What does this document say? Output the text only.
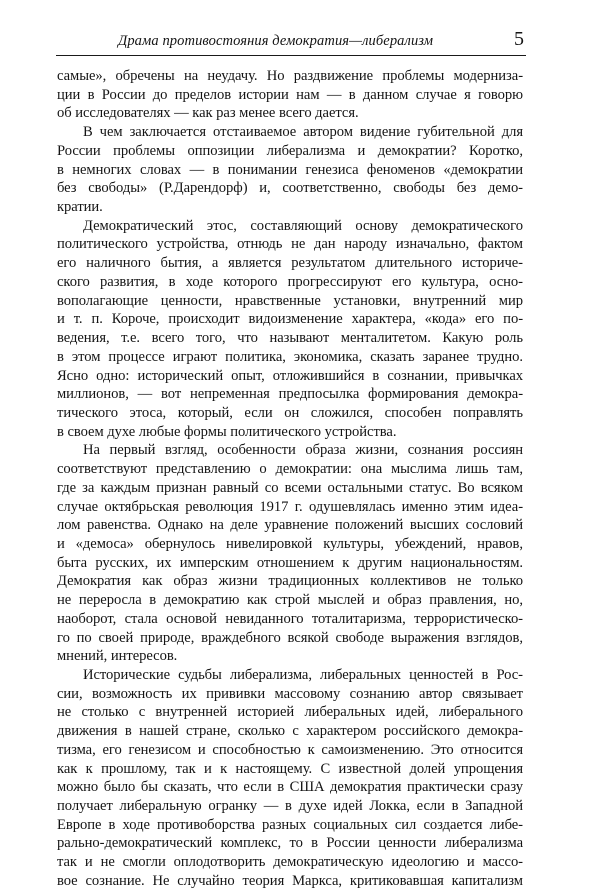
Драма противостояния демократия—либерализм	5

самые», обречены на неудачу. Но раздвижение проблемы модерниза-

ции в России до пределов истории нам — в данном случае я говорю

об исследователях — как раз менее всего дается.

В чем заключается отстаиваемое автором видение губительной для

России проблемы оппозиции либерализма и демократии? Коротко,

в немногих словах — в понимании генезиса феноменов «демократии

без свободы» (Р.Дарендорф) и, соответственно, свободы без демо-

кратии.

Демократический этос, составляющий основу демократического

политического устройства, отнюдь не дан народу изначально, фактом

его наличного бытия, а является результатом длительного историче-

ского развития, в ходе которого прогрессируют его культура, осно-

вополагающие ценности, нравственные установки, внутренний мир

и т. п. Короче, происходит видоизменение характера, «кода» его по-

ведения, т.е. всего того, что называют менталитетом. Какую роль

в этом процессе играют политика, экономика, сказать заранее трудно.

Ясно одно: исторический опыт, отложившийся в сознании, привычках

миллионов, — вот непременная предпосылка формирования демокра-

тического этоса, который, если он сложился, способен поправлять

в своем духе любые формы политического устройства.

На первый взгляд, особенности образа жизни, сознания россиян

соответствуют представлению о демократии: она мыслима лишь там,

где за каждым признан равный со всеми остальными статус. Во всяком

случае октябрьская революция 1917 г. одушевлялась именно этим идеа-

лом равенства. Однако на деле уравнение положений высших сословий

и «демоса» обернулось нивелировкой культуры, убеждений, нравов,

быта русских, их имперским отношением к другим национальностям.

Демократия как образ жизни традиционных коллективов не только

не переросла в демократию как строй мыслей и образ правления, но,

наоборот, стала основой невиданного тоталитаризма, террористическо-

го по своей природе, враждебного всякой свободе выражения взглядов,

мнений, интересов.

Исторические судьбы либерализма, либеральных ценностей в Рос-

сии, возможность их прививки массовому сознанию автор связывает

не столько с внутренней историей либеральных идей, либерального

движения в нашей стране, сколько с характером российского демокра-

тизма, его генезисом и способностью к самоизменению. Это относится

как к прошлому, так и к настоящему. С известной долей упрощения

можно было бы сказать, что если в США демократия практически сразу

получает либеральную огранку — в духе идей Локка, если в Западной

Европе в ходе противоборства разных социальных сил создается либе-

рально-демократический комплекс, то в России ценности либерализма

так и не смогли оплодотворить демократическую идеологию и массо-

вое сознание. Не случайно теория Маркса, критиковавшая капитализм
